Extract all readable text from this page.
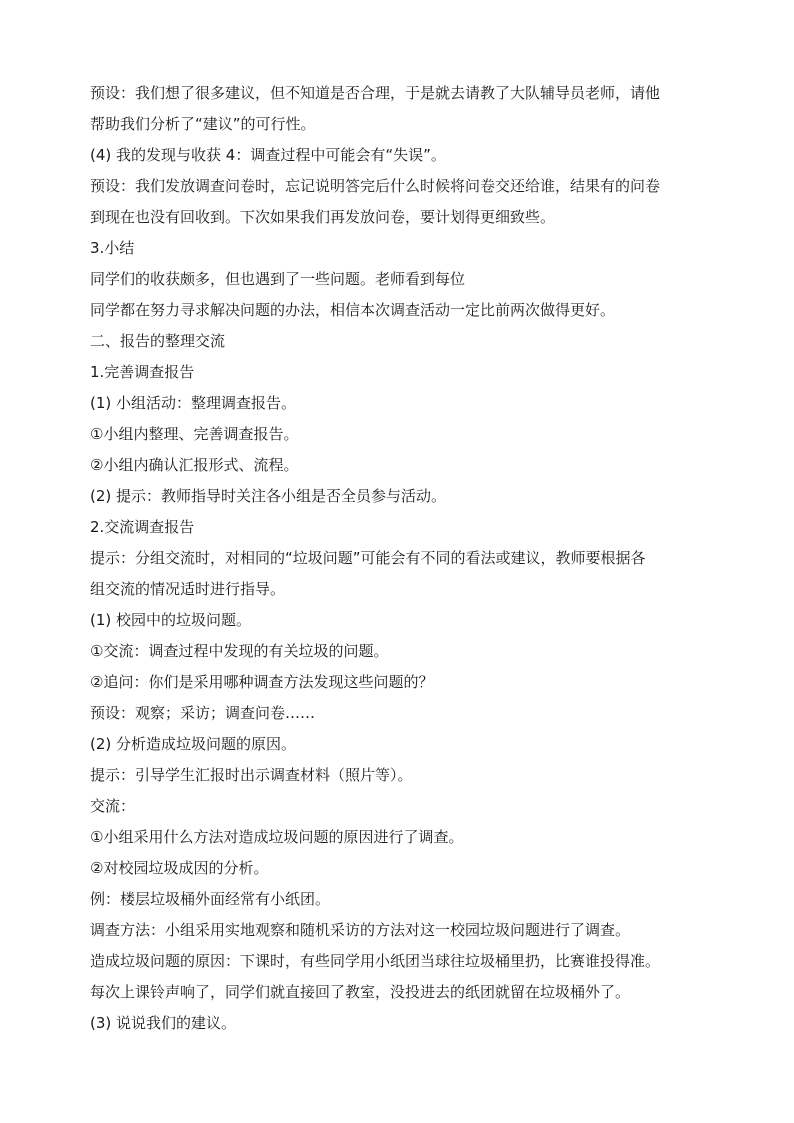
预设：我们想了很多建议，但不知道是否合理，于是就去请教了大队辅导员老师，请他
帮助我们分析了“建议”的可行性。
(4) 我的发现与收获 4：调查过程中可能会有“失误”。
预设：我们发放调查问卷时，忘记说明答完后什么时候将问卷交还给谁，结果有的问卷
到现在也没有回收到。下次如果我们再发放问卷，要计划得更细致些。
3.小结
同学们的收获颇多，但也遇到了一些问题。老师看到每位
同学都在努力寻求解决问题的办法，相信本次调查活动一定比前两次做得更好。
二、报告的整理交流
1.完善调查报告
(1) 小组活动：整理调查报告。
①小组内整理、完善调查报告。
②小组内确认汇报形式、流程。
(2) 提示：教师指导时关注各小组是否全员参与活动。
2.交流调查报告
提示：分组交流时，对相同的“垃圾问题”可能会有不同的看法或建议，教师要根据各
组交流的情况适时进行指导。
(1) 校园中的垃圾问题。
①交流：调查过程中发现的有关垃圾的问题。
②追问：你们是采用哪种调查方法发现这些问题的？
预设：观察；采访；调查问卷……
(2) 分析造成垃圾问题的原因。
提示：引导学生汇报时出示调查材料（照片等）。
交流：
①小组采用什么方法对造成垃圾问题的原因进行了调查。
②对校园垃圾成因的分析。
例：楼层垃圾桶外面经常有小纸团。
调查方法：小组采用实地观察和随机采访的方法对这一校园垃圾问题进行了调查。
造成垃圾问题的原因：下课时，有些同学用小纸团当球往垃圾桶里扔，比赛谁投得准。
每次上课铃声响了，同学们就直接回了教室，没投进去的纸团就留在垃圾桶外了。
(3) 说说我们的建议。
